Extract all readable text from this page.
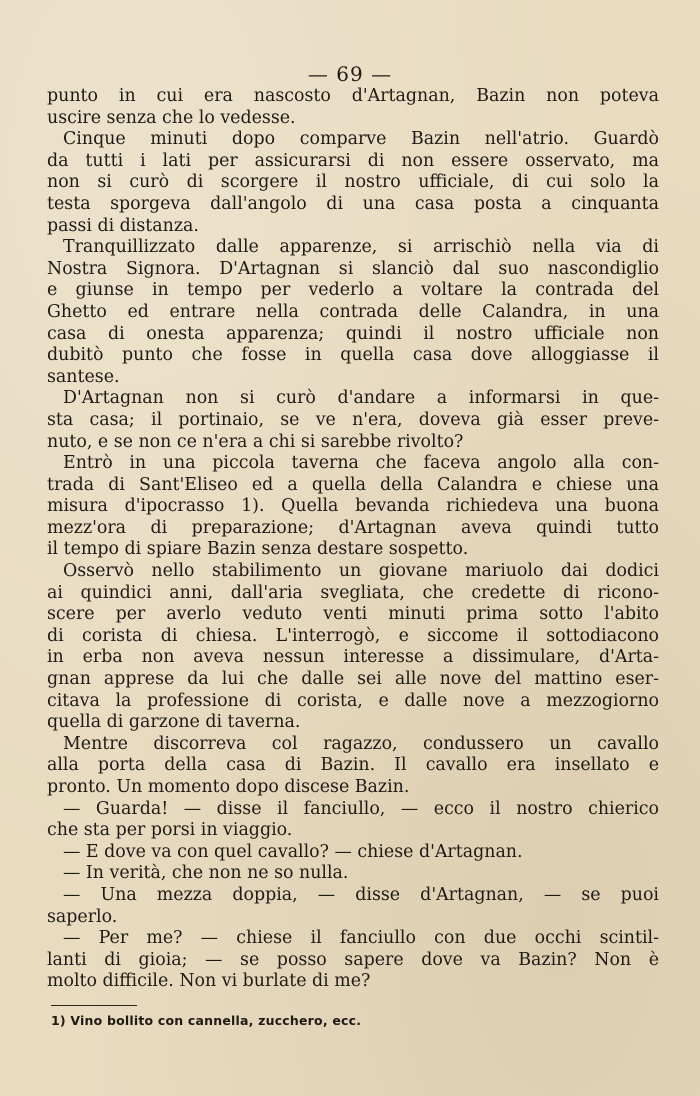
— 69 —
punto in cui era nascosto d'Artagnan, Bazin non poteva
uscire senza che lo vedesse.
Cinque minuti dopo comparve Bazin nell'atrio. Guardò
da tutti i lati per assicurarsi di non essere osservato, ma
non si curò di scorgere il nostro ufficiale, di cui solo la
testa sporgeva dall'angolo di una casa posta a cinquanta
passi di distanza.
Tranquillizzato dalle apparenze, si arrischiò nella via di
Nostra Signora. D'Artagnan si slanciò dal suo nascondiglio
e giunse in tempo per vederlo a voltare la contrada del
Ghetto ed entrare nella contrada delle Calandra, in una
casa di onesta apparenza; quindi il nostro ufficiale non
dubitò punto che fosse in quella casa dove alloggiasse il
santese.
D'Artagnan non si curò d'andare a informarsi in que-
sta casa; il portinaio, se ve n'era, doveva già esser preve-
nuto, e se non ce n'era a chi si sarebbe rivolto?
Entrò in una piccola taverna che faceva angolo alla con-
trada di Sant'Eliseo ed a quella della Calandra e chiese una
misura d'ipocrasso 1). Quella bevanda richiedeva una buona
mezz'ora di preparazione; d'Artagnan aveva quindi tutto
il tempo di spiare Bazin senza destare sospetto.
Osservò nello stabilimento un giovane mariuolo dai dodici
ai quindici anni, dall'aria svegliata, che credette di ricono-
scere per averlo veduto venti minuti prima sotto l'abito
di corista di chiesa. L'interrogò, e siccome il sottodiacono
in erba non aveva nessun interesse a dissimulare, d'Arta-
gnan apprese da lui che dalle sei alle nove del mattino eser-
citava la professione di corista, e dalle nove a mezzogiorno
quella di garzone di taverna.
Mentre discorreva col ragazzo, condussero un cavallo
alla porta della casa di Bazin. Il cavallo era insellato e
pronto. Un momento dopo discese Bazin.
— Guarda! — disse il fanciullo, — ecco il nostro chierico
che sta per porsi in viaggio.
— E dove va con quel cavallo? — chiese d'Artagnan.
— In verità, che non ne so nulla.
— Una mezza doppia, — disse d'Artagnan, — se puoi
saperlo.
— Per me? — chiese il fanciullo con due occhi scintil-
lanti di gioia; — se posso sapere dove va Bazin? Non è
molto difficile. Non vi burlate di me?
1) Vino bollito con cannella, zucchero, ecc.
